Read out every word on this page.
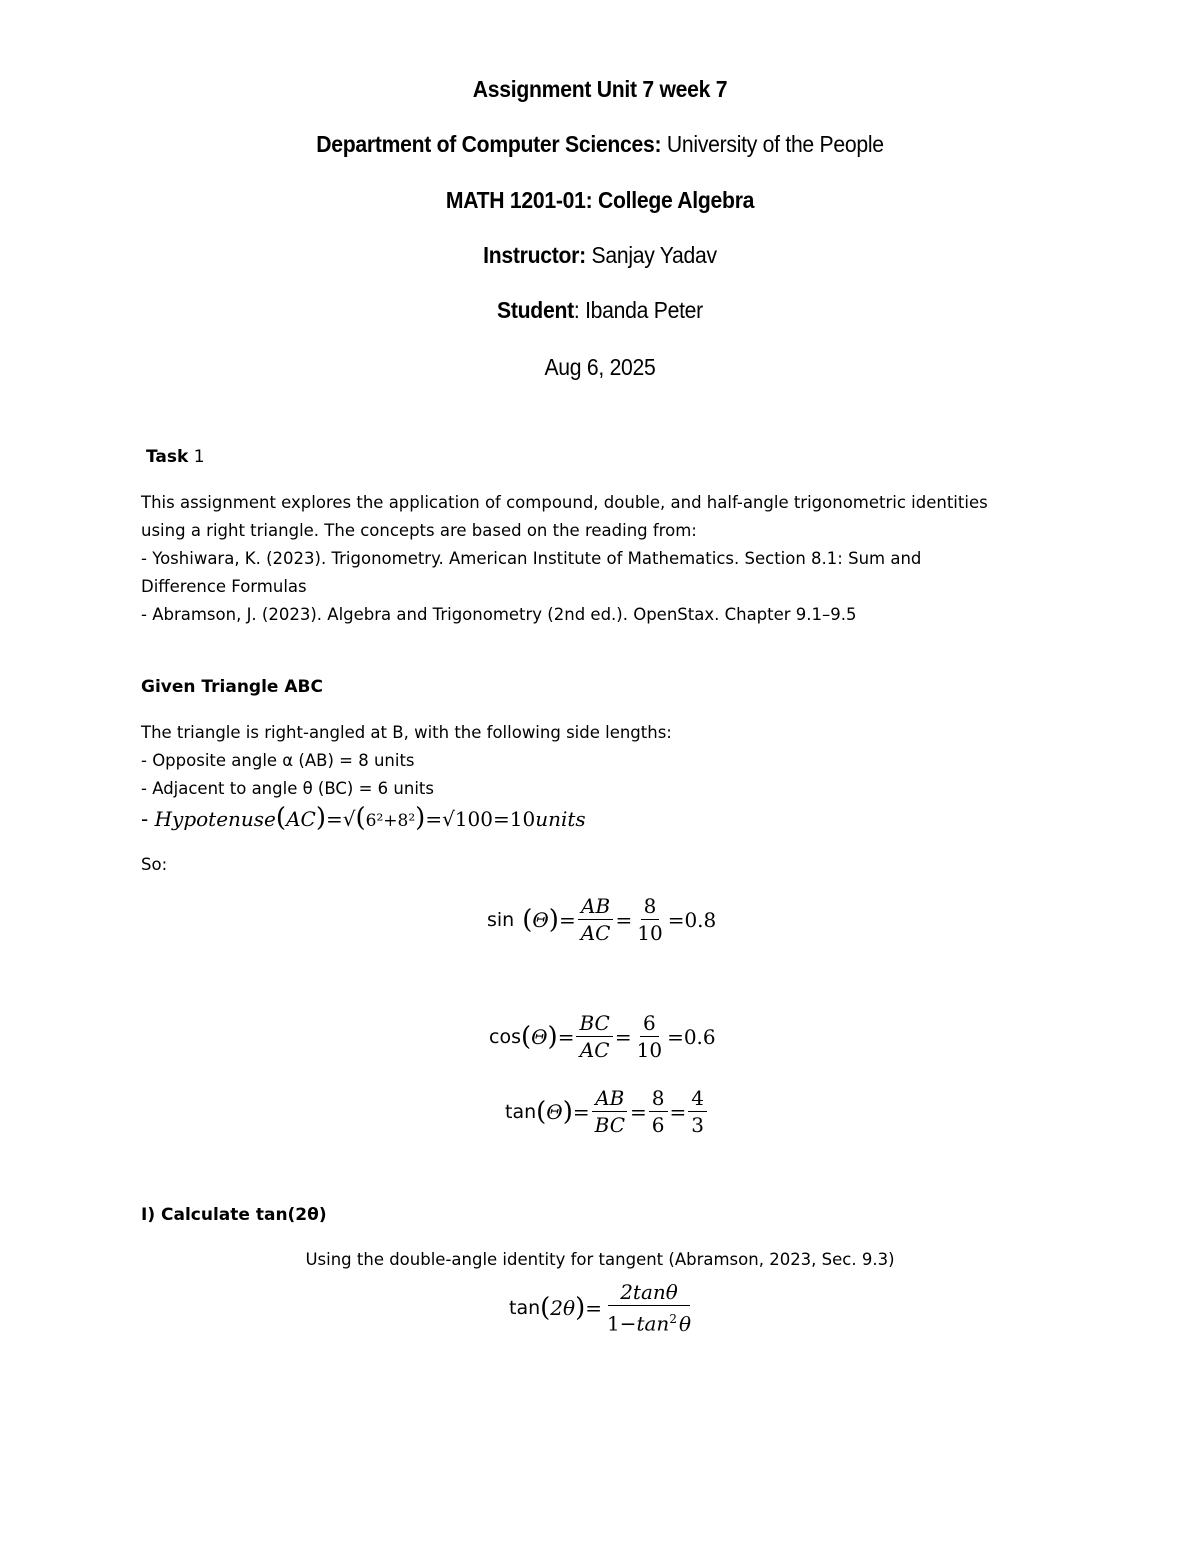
Assignment Unit 7 week 7
Department of Computer Sciences: University of the People
MATH 1201-01: College Algebra
Instructor: Sanjay Yadav
Student: Ibanda Peter
Aug 6, 2025
Task 1
This assignment explores the application of compound, double, and half-angle trigonometric identities
using a right triangle. The concepts are based on the reading from:
- Yoshiwara, K. (2023). Trigonometry. American Institute of Mathematics. Section 8.1: Sum and
Difference Formulas
- Abramson, J. (2023). Algebra and Trigonometry (2nd ed.). OpenStax. Chapter 9.1–9.5
Given Triangle ABC
The triangle is right-angled at B, with the following side lengths:
- Opposite angle α (AB) = 8 units
- Adjacent to angle θ (BC) = 6 units
- Hypotenuse(AC)=√(6²+8²)=√100=10units
So:
sin ( Θ ) = $\frac{AB}{AC} = \frac{8}{10} =0.8$
cos ( Θ ) = $\frac{BC}{AC} = \frac{6}{10} =0.6$
tan ( Θ ) = $\frac{AB}{BC} = \frac{8}{6} = \frac{4}{3}$
I) Calculate tan(2θ)
Using the double-angle identity for tangent (Abramson, 2023, Sec. 9.3)
tan ( 2θ ) = $\frac{2\tan\theta}{1-\tan^2 \theta}$
